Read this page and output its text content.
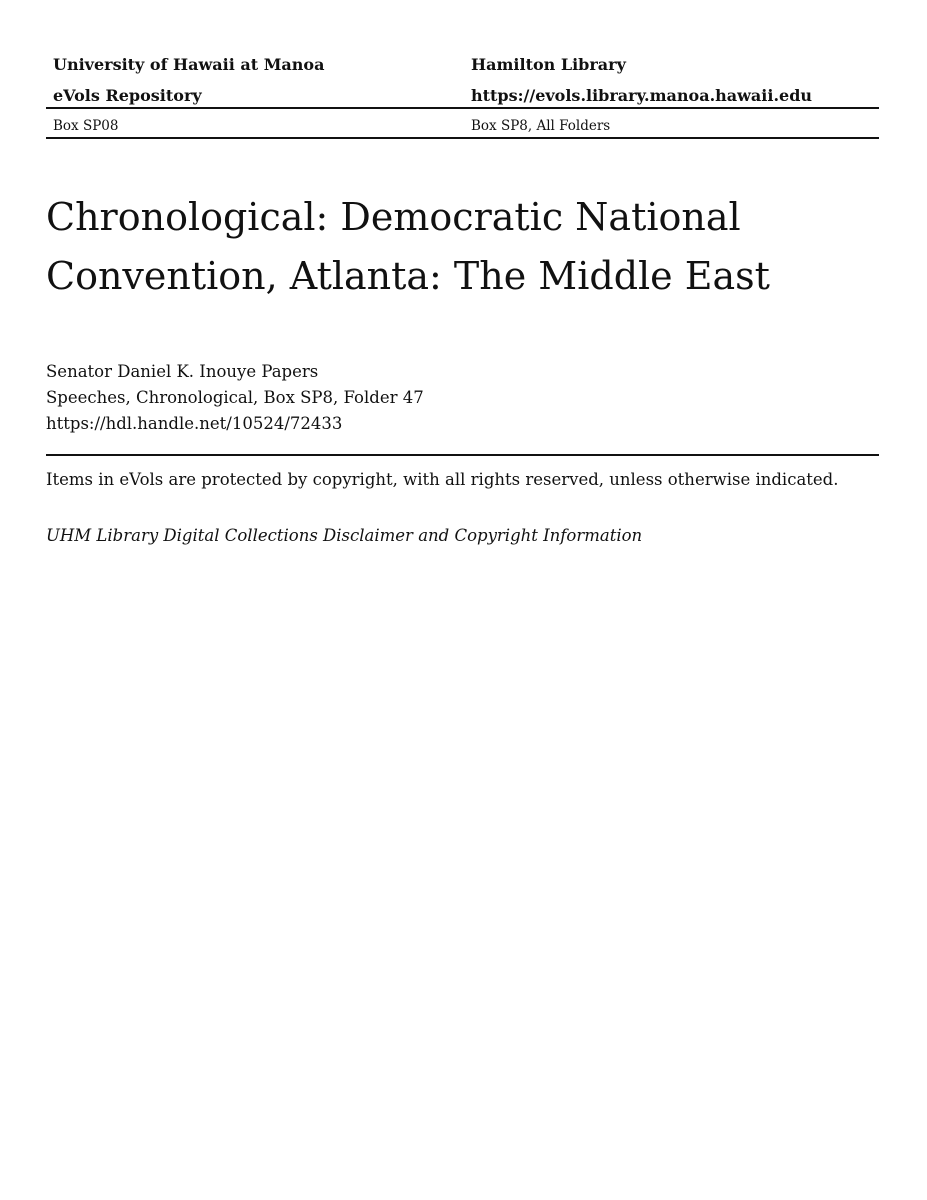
University of Hawaii at Manoa	Hamilton Library
eVols Repository	https://evols.library.manoa.hawaii.edu
Box SP08	Box SP8, All Folders
Chronological: Democratic National
Convention, Atlanta: The Middle East
Senator Daniel K. Inouye Papers
Speeches, Chronological, Box SP8, Folder 47
https://hdl.handle.net/10524/72433
Items in eVols are protected by copyright, with all rights reserved, unless otherwise indicated.
UHM Library Digital Collections Disclaimer and Copyright Information
